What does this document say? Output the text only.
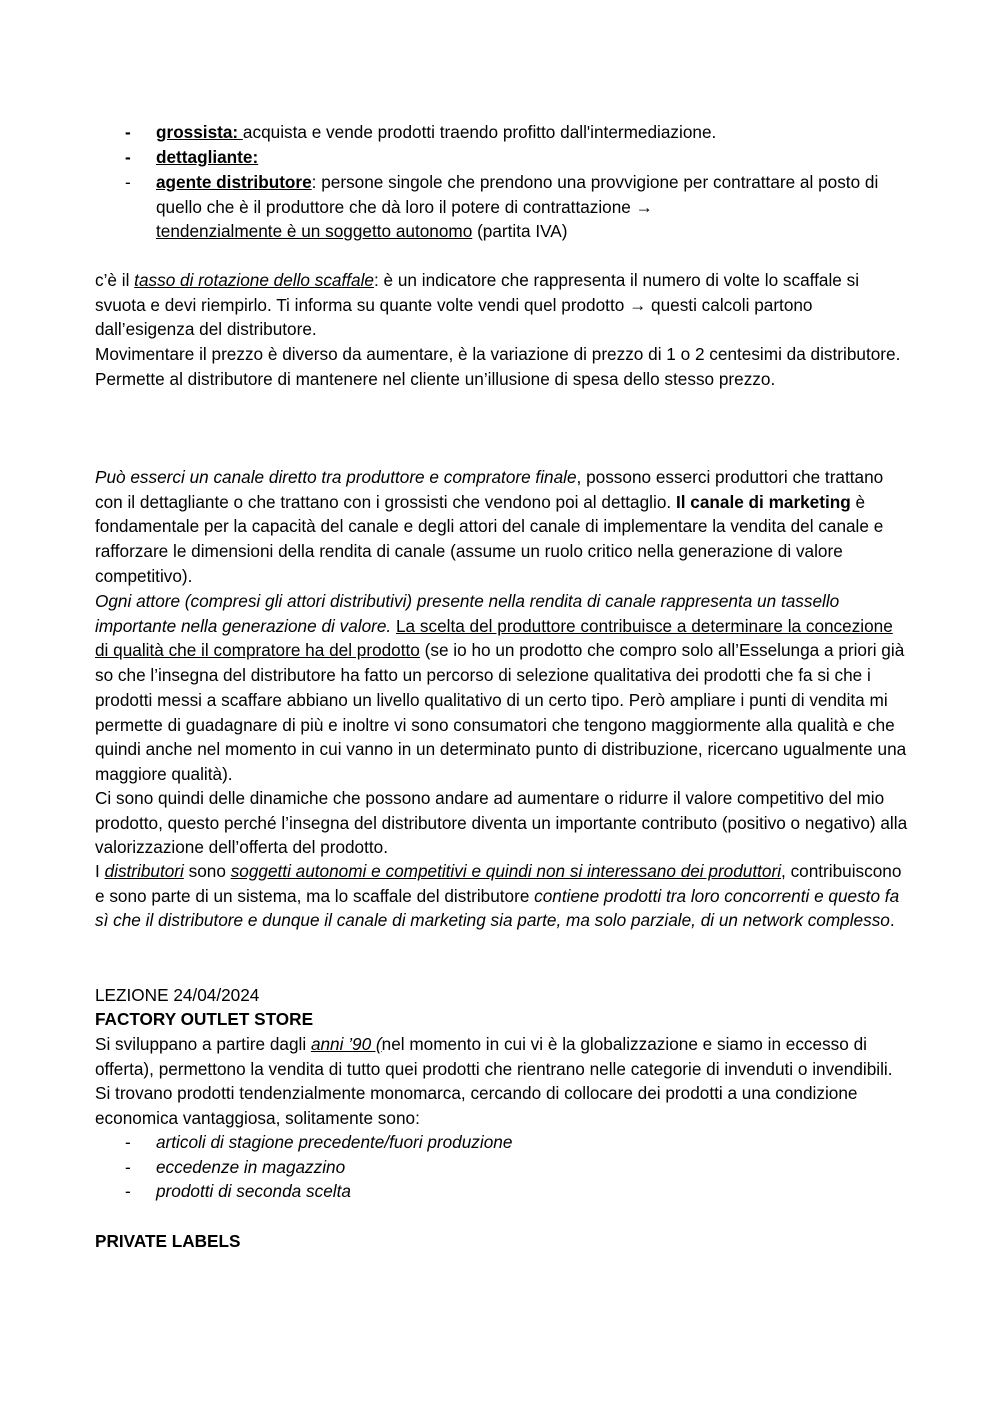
-	grossista: acquista e vende prodotti traendo profitto dall'intermediazione.
-	dettagliante:
-	agente distributore: persone singole che prendono una provvigione per contrattare al posto di quello che è il produttore che dà loro il potere di contrattazione →
tendenzialmente è un soggetto autonomo (partita IVA)
c’è il tasso di rotazione dello scaffale: è un indicatore che rappresenta il numero di volte lo scaffale si svuota e devi riempirlo. Ti informa su quante volte vendi quel prodotto → questi calcoli partono dall’esigenza del distributore.
Movimentare il prezzo è diverso da aumentare, è la variazione di prezzo di 1 o 2 centesimi da distributore. Permette al distributore di mantenere nel cliente un’illusione di spesa dello stesso prezzo.
Può esserci un canale diretto tra produttore e compratore finale, possono esserci produttori che trattano con il dettagliante o che trattano con i grossisti che vendono poi al dettaglio. Il canale di marketing è fondamentale per la capacità del canale e degli attori del canale di implementare la vendita del canale e rafforzare le dimensioni della rendita di canale (assume un ruolo critico nella generazione di valore competitivo).
Ogni attore (compresi gli attori distributivi) presente nella rendita di canale rappresenta un tassello importante nella generazione di valore. La scelta del produttore contribuisce a determinare la concezione di qualità che il compratore ha del prodotto (se io ho un prodotto che compro solo all’Esselunga a priori già so che l’insegna del distributore ha fatto un percorso di selezione qualitativa dei prodotti che fa si che i prodotti messi a scaffare abbiano un livello qualitativo di un certo tipo. Però ampliare i punti di vendita mi permette di guadagnare di più e inoltre vi sono consumatori che tengono maggiormente alla qualità e che quindi anche nel momento in cui vanno in un determinato punto di distribuzione, ricercano ugualmente una maggiore qualità).
Ci sono quindi delle dinamiche che possono andare ad aumentare o ridurre il valore competitivo del mio prodotto, questo perché l’insegna del distributore diventa un importante contributo (positivo o negativo) alla valorizzazione dell’offerta del prodotto.
I distributori sono soggetti autonomi e competitivi e quindi non si interessano dei produttori, contribuiscono e sono parte di un sistema, ma lo scaffale del distributore contiene prodotti tra loro concorrenti e questo fa sì che il distributore e dunque il canale di marketing sia parte, ma solo parziale, di un network complesso.
LEZIONE 24/04/2024
FACTORY OUTLET STORE
Si sviluppano a partire dagli anni ’90 (nel momento in cui vi è la globalizzazione e siamo in eccesso di offerta), permettono la vendita di tutto quei prodotti che rientrano nelle categorie di invenduti o invendibili. Si trovano prodotti tendenzialmente monomarca, cercando di collocare dei prodotti a una condizione economica vantaggiosa, solitamente sono:
-	articoli di stagione precedente/fuori produzione
-	eccedenze in magazzino
-	prodotti di seconda scelta
PRIVATE LABELS
